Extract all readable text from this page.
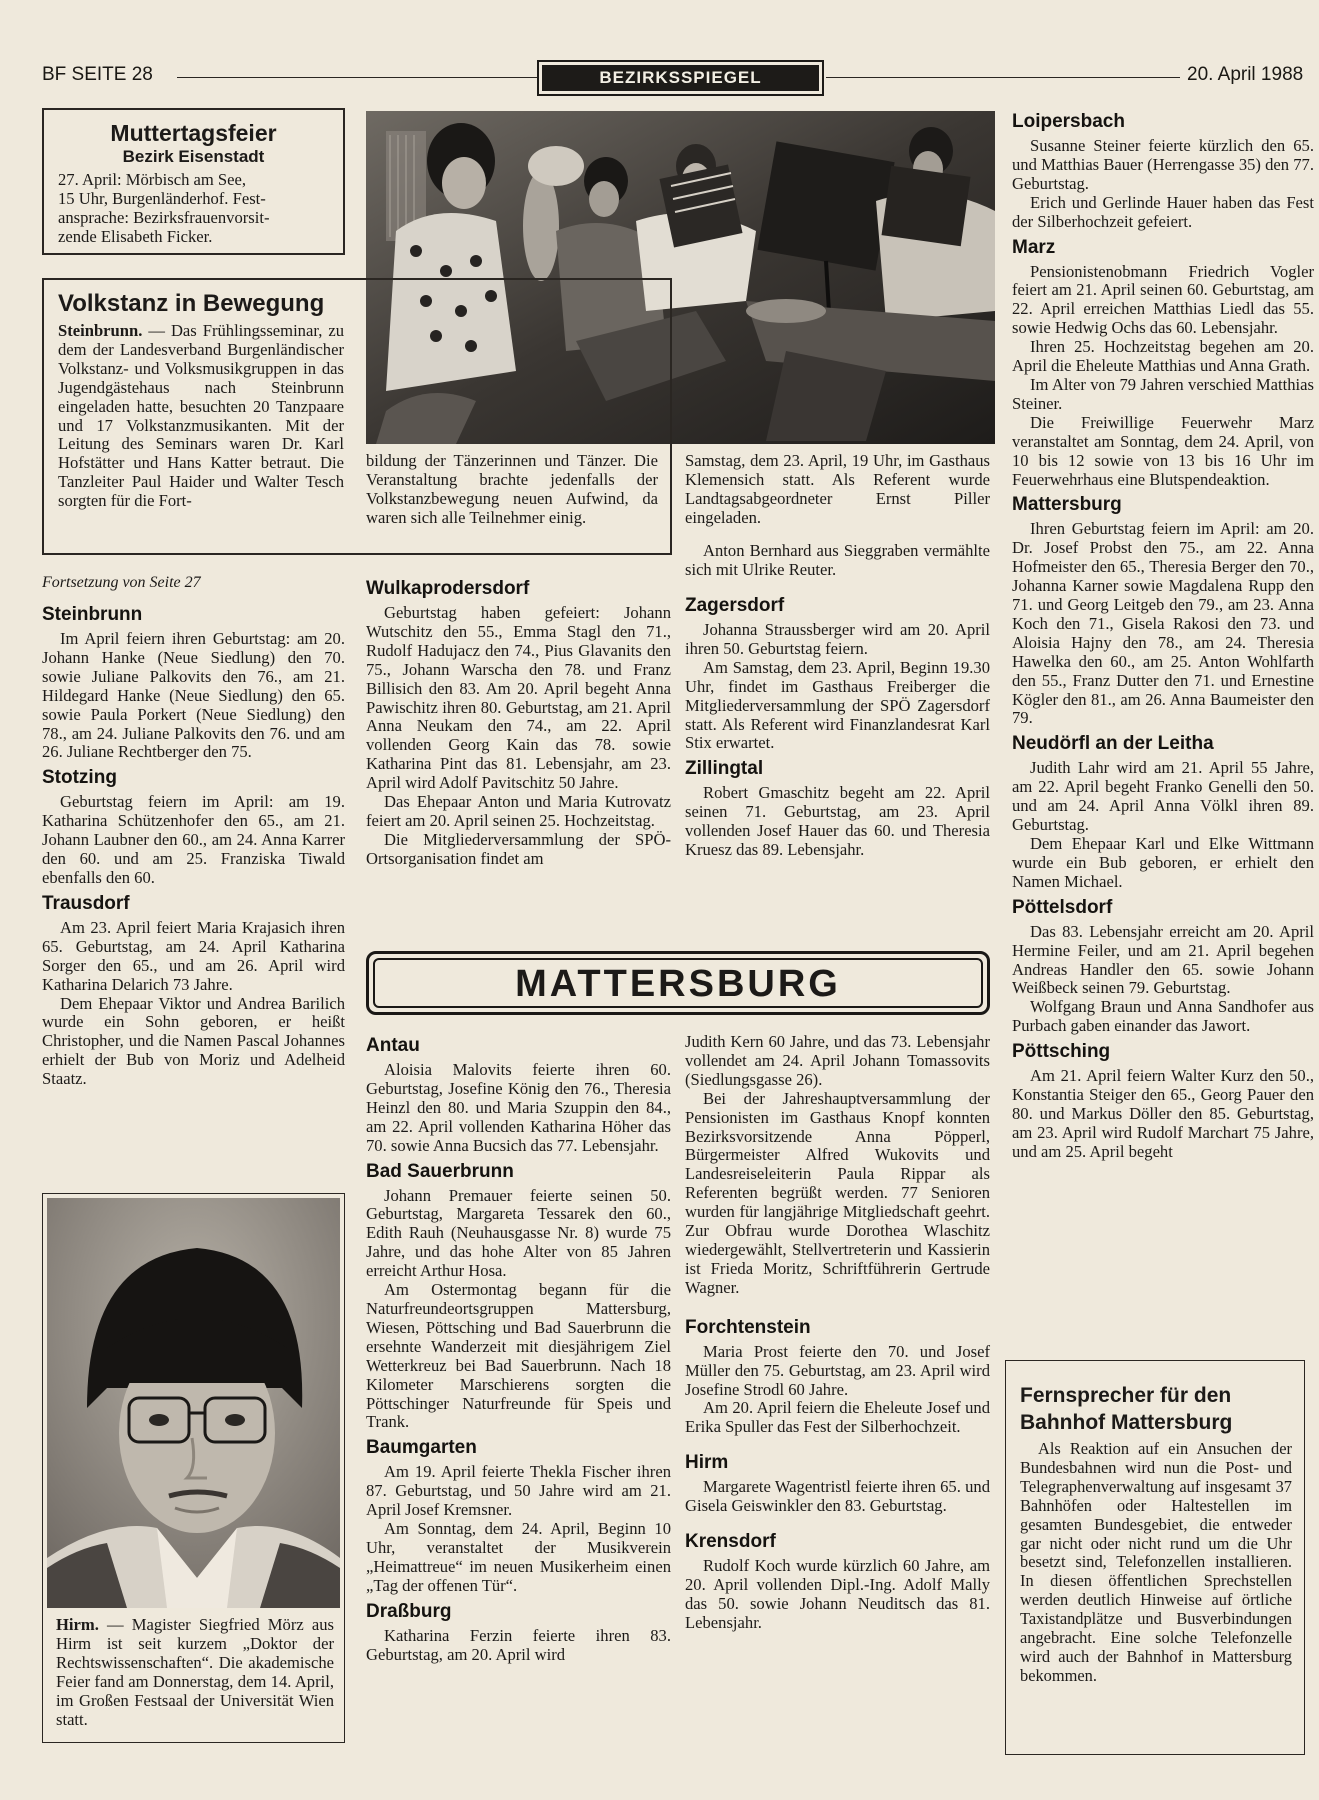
BF SEITE 28	BEZIRKSSPIEGEL	20. April 1988
Muttertagsfeier
Bezirk Eisenstadt
27. April: Mörbisch am See,
15 Uhr, Burgenländerhof. Fest-
ansprache: Bezirksfrauenvorsit-
zende Elisabeth Ficker.
Volkstanz in Bewegung

Steinbrunn. — Das Frühlingsseminar, zu dem der Landesverband Burgenländischer Volkstanz- und Volksmusikgruppen in das Jugendgästehaus nach Steinbrunn eingeladen hatte, besuchten 20 Tanzpaare und 17 Volkstanzmusikanten. Mit der Leitung des Seminars waren Dr. Karl Hofstätter und Hans Katter betraut. Die Tanzleiter Paul Haider und Walter Tesch sorgten für die Fort-

bildung der Tänzerinnen und Tänzer. Die Veranstaltung brachte jedenfalls der Volkstanzbewegung neuen Aufwind, da waren sich alle Teilnehmer einig.

Samstag, dem 23. April, 19 Uhr, im Gasthaus Klemensich statt. Als Referent wurde Landtagsabgeordneter Ernst Piller eingeladen.

Anton Bernhard aus Sieggraben vermählte sich mit Ulrike Reuter.

Fortsetzung von Seite 27
Steinbrunn

Im April feiern ihren Geburtstag: am 20. Johann Hanke (Neue Siedlung) den 70. sowie Juliane Palkovits den 76., am 21. Hildegard Hanke (Neue Siedlung) den 65. sowie Paula Porkert (Neue Siedlung) den 78., am 24. Juliane Palkovits den 76. und am 26. Juliane Rechtberger den 75.

Stotzing

Geburtstag feiern im April: am 19. Katharina Schützenhofer den 65., am 21. Johann Laubner den 60., am 24. Anna Karrer den 60. und am 25. Franziska Tiwald ebenfalls den 60.

Trausdorf

Am 23. April feiert Maria Krajasich ihren 65. Geburtstag, am 24. April Katharina Sorger den 65., und am 26. April wird Katharina Delarich 73 Jahre.

Dem Ehepaar Viktor und Andrea Barilich wurde ein Sohn geboren, er heißt Christopher, und die Namen Pascal Johannes erhielt der Bub von Moriz und Adelheid Staatz.

Hirm. — Magister Siegfried Mörz aus Hirm ist seit kurzem „Doktor der Rechtswissenschaften“. Die akademische Feier fand am Donnerstag, dem 14. April, im Großen Festsaal der Universität Wien statt.

Wulkaprodersdorf

Geburtstag haben gefeiert: Johann Wutschitz den 55., Emma Stagl den 71., Rudolf Hadujacz den 74., Pius Glavanits den 75., Johann Warscha den 78. und Franz Billisich den 83. Am 20. April begeht Anna Pawischitz ihren 80. Geburtstag, am 21. April Anna Neukam den 74., am 22. April vollenden Georg Kain das 78. sowie Katharina Pint das 81. Lebensjahr, am 23. April wird Adolf Pavitschitz 50 Jahre.

Das Ehepaar Anton und Maria Kutrovatz feiert am 20. April seinen 25. Hochzeitstag.

Die Mitgliederversammlung der SPÖ-Ortsorganisation findet am

Zagersdorf

Johanna Straussberger wird am 20. April ihren 50. Geburtstag feiern.

Am Samstag, dem 23. April, Beginn 19.30 Uhr, findet im Gasthaus Freiberger die Mitgliederversammlung der SPÖ Zagersdorf statt. Als Referent wird Finanzlandesrat Karl Stix erwartet.

Zillingtal

Robert Gmaschitz begeht am 22. April seinen 71. Geburtstag, am 23. April vollenden Josef Hauer das 60. und Theresia Kruesz das 89. Lebensjahr.

MATTERSBURG
Antau

Aloisia Malovits feierte ihren 60. Geburtstag, Josefine König den 76., Theresia Heinzl den 80. und Maria Szuppin den 84., am 22. April vollenden Katharina Höher das 70. sowie Anna Bucsich das 77. Lebensjahr.

Bad Sauerbrunn

Johann Premauer feierte seinen 50. Geburtstag, Margareta Tessarek den 60., Edith Rauh (Neuhausgasse Nr. 8) wurde 75 Jahre, und das hohe Alter von 85 Jahren erreicht Arthur Hosa.

Am Ostermontag begann für die Naturfreundeortsgruppen Mattersburg, Wiesen, Pöttsching und Bad Sauerbrunn die ersehnte Wanderzeit mit diesjährigem Ziel Wetterkreuz bei Bad Sauerbrunn. Nach 18 Kilometer Marschierens sorgten die Pöttschinger Naturfreunde für Speis und Trank.

Baumgarten

Am 19. April feierte Thekla Fischer ihren 87. Geburtstag, und 50 Jahre wird am 21. April Josef Kremsner.

Am Sonntag, dem 24. April, Beginn 10 Uhr, veranstaltet der Musikverein „Heimattreue“ im neuen Musikerheim einen „Tag der offenen Tür“.

Draßburg

Katharina Ferzin feierte ihren 83. Geburtstag, am 20. April wird

Judith Kern 60 Jahre, und das 73. Lebensjahr vollendet am 24. April Johann Tomassovits (Siedlungsgasse 26).

Bei der Jahreshauptversammlung der Pensionisten im Gasthaus Knopf konnten Bezirksvorsitzende Anna Pöpperl, Bürgermeister Alfred Wukovits und Landesreiseleiterin Paula Rippar als Referenten begrüßt werden. 77 Senioren wurden für langjährige Mitgliedschaft geehrt. Zur Obfrau wurde Dorothea Wlaschitz wiedergewählt, Stellvertreterin und Kassierin ist Frieda Moritz, Schriftführerin Gertrude Wagner.

Forchtenstein

Maria Prost feierte den 70. und Josef Müller den 75. Geburtstag, am 23. April wird Josefine Strodl 60 Jahre.

Am 20. April feiern die Eheleute Josef und Erika Spuller das Fest der Silberhochzeit.

Hirm

Margarete Wagentristl feierte ihren 65. und Gisela Geiswinkler den 83. Geburtstag.

Krensdorf

Rudolf Koch wurde kürzlich 60 Jahre, am 20. April vollenden Dipl.-Ing. Adolf Mally das 50. sowie Johann Neuditsch das 81. Lebensjahr.

Loipersbach

Susanne Steiner feierte kürzlich den 65. und Matthias Bauer (Herrengasse 35) den 77. Geburtstag.

Erich und Gerlinde Hauer haben das Fest der Silberhochzeit gefeiert.

Marz

Pensionistenobmann Friedrich Vogler feiert am 21. April seinen 60. Geburtstag, am 22. April erreichen Matthias Liedl das 55. sowie Hedwig Ochs das 60. Lebensjahr.

Ihren 25. Hochzeitstag begehen am 20. April die Eheleute Matthias und Anna Grath.

Im Alter von 79 Jahren verschied Matthias Steiner.

Die Freiwillige Feuerwehr Marz veranstaltet am Sonntag, dem 24. April, von 10 bis 12 sowie von 13 bis 16 Uhr im Feuerwehrhaus eine Blutspendeaktion.

Mattersburg

Ihren Geburtstag feiern im April: am 20. Dr. Josef Probst den 75., am 22. Anna Hofmeister den 65., Theresia Berger den 70., Johanna Karner sowie Magdalena Rupp den 71. und Georg Leitgeb den 79., am 23. Anna Koch den 71., Gisela Rakosi den 73. und Aloisia Hajny den 78., am 24. Theresia Hawelka den 60., am 25. Anton Wohlfarth den 55., Franz Dutter den 71. und Ernestine Kögler den 81., am 26. Anna Baumeister den 79.

Neudörfl an der Leitha

Judith Lahr wird am 21. April 55 Jahre, am 22. April begeht Franko Genelli den 50. und am 24. April Anna Völkl ihren 89. Geburtstag.

Dem Ehepaar Karl und Elke Wittmann wurde ein Bub geboren, er erhielt den Namen Michael.

Pöttelsdorf

Das 83. Lebensjahr erreicht am 20. April Hermine Feiler, und am 21. April begehen Andreas Handler den 65. sowie Johann Weißbeck seinen 79. Geburtstag.

Wolfgang Braun und Anna Sandhofer aus Purbach gaben einander das Jawort.

Pöttsching

Am 21. April feiern Walter Kurz den 50., Konstantia Steiger den 65., Georg Pauer den 80. und Markus Döller den 85. Geburtstag, am 23. April wird Rudolf Marchart 75 Jahre, und am 25. April begeht

Fernsprecher für den Bahnhof Mattersburg

Als Reaktion auf ein Ansuchen der Bundesbahnen wird nun die Post- und Telegraphenverwaltung auf insgesamt 37 Bahnhöfen oder Haltestellen im gesamten Bundesgebiet, die entweder gar nicht oder nicht rund um die Uhr besetzt sind, Telefonzellen installieren. In diesen öffentlichen Sprechstellen werden deutlich Hinweise auf örtliche Taxistandplätze und Busverbindungen angebracht. Eine solche Telefonzelle wird auch der Bahnhof in Mattersburg bekommen.
